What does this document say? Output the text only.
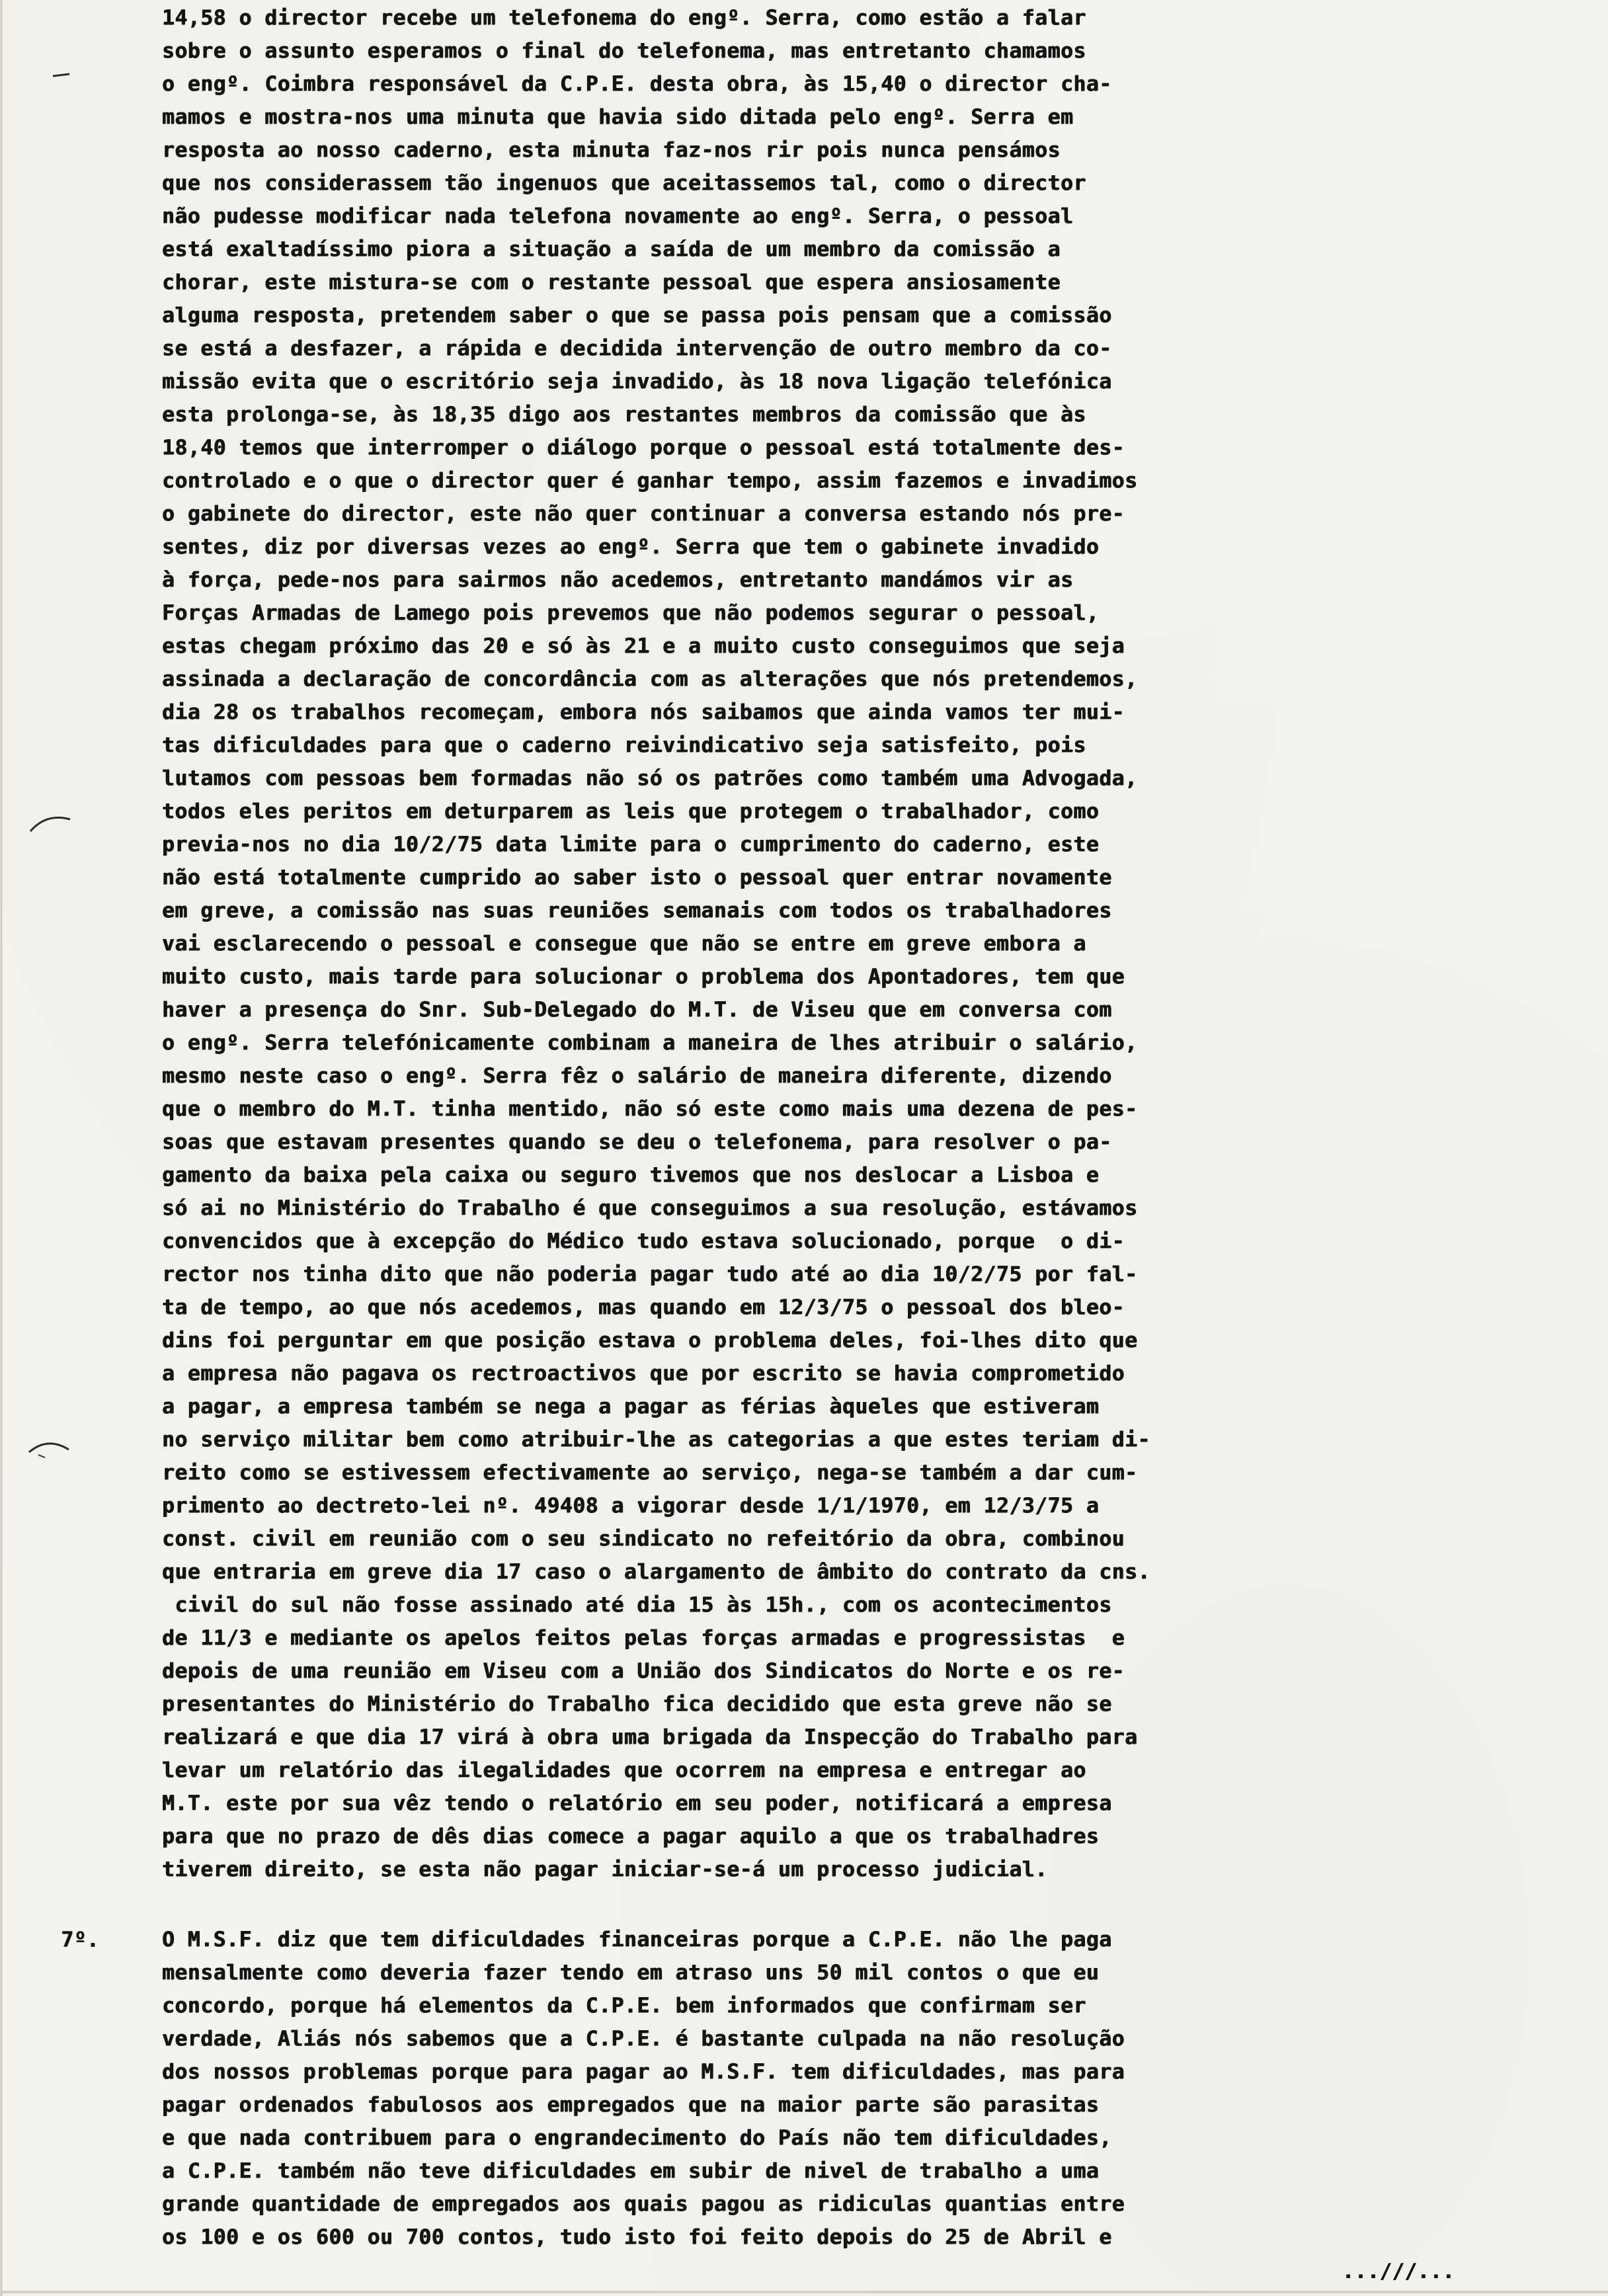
14,58 o director recebe um telefonema do engº. Serra, como estão a falar
sobre o assunto esperamos o final do telefonema, mas entretanto chamamos
o engº. Coimbra responsável da C.P.E. desta obra, às 15,40 o director cha-
mamos e mostra-nos uma minuta que havia sido ditada pelo engº. Serra em
resposta ao nosso caderno, esta minuta faz-nos rir pois nunca pensámos
que nos considerassem tão ingenuos que aceitassemos tal, como o director
não pudesse modificar nada telefona novamente ao engº. Serra, o pessoal
está exaltadíssimo piora a situação a saída de um membro da comissão a
chorar, este mistura-se com o restante pessoal que espera ansiosamente
alguma resposta, pretendem saber o que se passa pois pensam que a comissão
se está a desfazer, a rápida e decidida intervenção de outro membro da co-
missão evita que o escritório seja invadido, às 18 nova ligação telefónica
esta prolonga-se, às 18,35 digo aos restantes membros da comissão que às
18,40 temos que interromper o diálogo porque o pessoal está totalmente des-
controlado e o que o director quer é ganhar tempo, assim fazemos e invadimos
o gabinete do director, este não quer continuar a conversa estando nós pre-
sentes, diz por diversas vezes ao engº. Serra que tem o gabinete invadido
à força, pede-nos para sairmos não acedemos, entretanto mandámos vir as
Forças Armadas de Lamego pois prevemos que não podemos segurar o pessoal,
estas chegam próximo das 20 e só às 21 e a muito custo conseguimos que seja
assinada a declaração de concordância com as alterações que nós pretendemos,
dia 28 os trabalhos recomeçam, embora nós saibamos que ainda vamos ter mui-
tas dificuldades para que o caderno reivindicativo seja satisfeito, pois
lutamos com pessoas bem formadas não só os patrões como também uma Advogada,
todos eles peritos em deturparem as leis que protegem o trabalhador, como
previa-nos no dia 10/2/75 data limite para o cumprimento do caderno, este
não está totalmente cumprido ao saber isto o pessoal quer entrar novamente
em greve, a comissão nas suas reuniões semanais com todos os trabalhadores
vai esclarecendo o pessoal e consegue que não se entre em greve embora a
muito custo, mais tarde para solucionar o problema dos Apontadores, tem que
haver a presença do Snr. Sub-Delegado do M.T. de Viseu que em conversa com
o engº. Serra telefónicamente combinam a maneira de lhes atribuir o salário,
mesmo neste caso o engº. Serra fêz o salário de maneira diferente, dizendo
que o membro do M.T. tinha mentido, não só este como mais uma dezena de pes-
soas que estavam presentes quando se deu o telefonema, para resolver o pa-
gamento da baixa pela caixa ou seguro tivemos que nos deslocar a Lisboa e
só ai no Ministério do Trabalho é que conseguimos a sua resolução, estávamos
convencidos que à excepção do Médico tudo estava solucionado, porque  o di-
rector nos tinha dito que não poderia pagar tudo até ao dia 10/2/75 por fal-
ta de tempo, ao que nós acedemos, mas quando em 12/3/75 o pessoal dos bleo-
dins foi perguntar em que posição estava o problema deles, foi-lhes dito que
a empresa não pagava os rectroactivos que por escrito se havia comprometido
a pagar, a empresa também se nega a pagar as férias àqueles que estiveram
no serviço militar bem como atribuir-lhe as categorias a que estes teriam di-
reito como se estivessem efectivamente ao serviço, nega-se também a dar cum-
primento ao dectreto-lei nº. 49408 a vigorar desde 1/1/1970, em 12/3/75 a
const. civil em reunião com o seu sindicato no refeitório da obra, combinou
que entraria em greve dia 17 caso o alargamento de âmbito do contrato da cns.
civil do sul não fosse assinado até dia 15 às 15h., com os acontecimentos
de 11/3 e mediante os apelos feitos pelas forças armadas e progressistas  e
depois de uma reunião em Viseu com a União dos Sindicatos do Norte e os re-
presentantes do Ministério do Trabalho fica decidido que esta greve não se
realizará e que dia 17 virá à obra uma brigada da Inspecção do Trabalho para
levar um relatório das ilegalidades que ocorrem na empresa e entregar ao
M.T. este por sua vêz tendo o relatório em seu poder, notificará a empresa
para que no prazo de dês dias comece a pagar aquilo a que os trabalhadres
tiverem direito, se esta não pagar iniciar-se-á um processo judicial.
7º.	O M.S.F. diz que tem dificuldades financeiras porque a C.P.E. não lhe paga
mensalmente como deveria fazer tendo em atraso uns 50 mil contos o que eu
concordo, porque há elementos da C.P.E. bem informados que confirmam ser
verdade, Aliás nós sabemos que a C.P.E. é bastante culpada na não resolução
dos nossos problemas porque para pagar ao M.S.F. tem dificuldades, mas para
pagar ordenados fabulosos aos empregados que na maior parte são parasitas
e que nada contribuem para o engrandecimento do País não tem dificuldades,
a C.P.E. também não teve dificuldades em subir de nivel de trabalho a uma
grande quantidade de empregados aos quais pagou as ridiculas quantias entre
os 100 e os 600 ou 700 contos, tudo isto foi feito depois do 25 de Abril e
...///...
